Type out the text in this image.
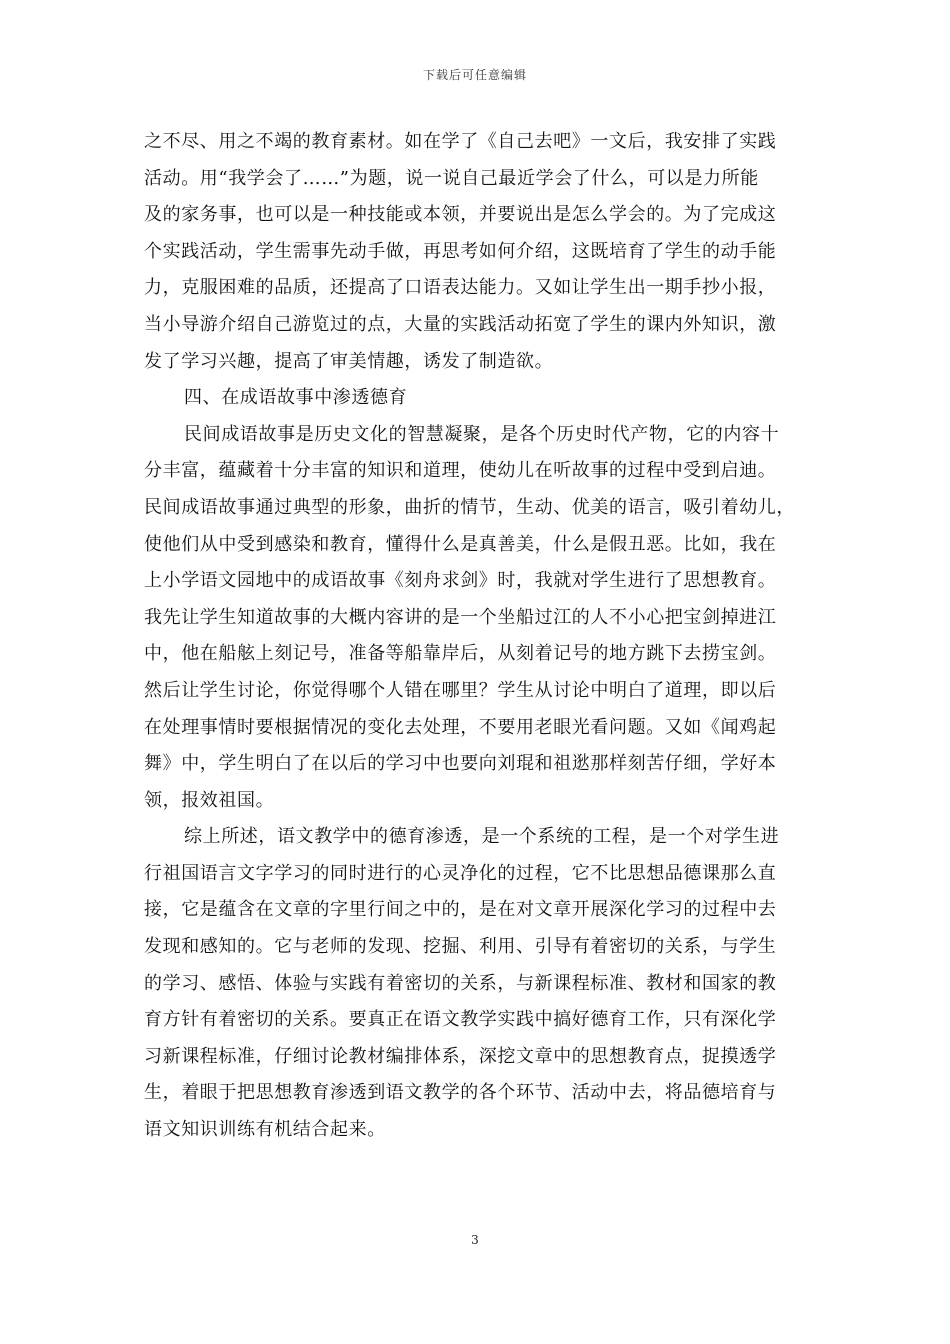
下载后可任意编辑
之不尽、用之不竭的教育素材。如在学了《自己去吧》一文后，我安排了实践
活动。用“我学会了……”为题，说一说自己最近学会了什么，可以是力所能
及的家务事，也可以是一种技能或本领，并要说出是怎么学会的。为了完成这
个实践活动，学生需事先动手做，再思考如何介绍，这既培育了学生的动手能
力，克服困难的品质，还提高了口语表达能力。又如让学生出一期手抄小报，
当小导游介绍自己游览过的点，大量的实践活动拓宽了学生的课内外知识，激
发了学习兴趣，提高了审美情趣，诱发了制造欲。
四、在成语故事中渗透德育
民间成语故事是历史文化的智慧凝聚，是各个历史时代产物，它的内容十
分丰富，蕴藏着十分丰富的知识和道理，使幼儿在听故事的过程中受到启迪。
民间成语故事通过典型的形象，曲折的情节，生动、优美的语言，吸引着幼儿，
使他们从中受到感染和教育，懂得什么是真善美，什么是假丑恶。比如，我在
上小学语文园地中的成语故事《刻舟求剑》时，我就对学生进行了思想教育。
我先让学生知道故事的大概内容讲的是一个坐船过江的人不小心把宝剑掉进江
中，他在船舷上刻记号，准备等船靠岸后，从刻着记号的地方跳下去捞宝剑。
然后让学生讨论，你觉得哪个人错在哪里？学生从讨论中明白了道理，即以后
在处理事情时要根据情况的变化去处理，不要用老眼光看问题。又如《闻鸡起
舞》中，学生明白了在以后的学习中也要向刘琨和祖逖那样刻苦仔细，学好本
领，报效祖国。
综上所述，语文教学中的德育渗透，是一个系统的工程，是一个对学生进
行祖国语言文字学习的同时进行的心灵净化的过程，它不比思想品德课那么直
接，它是蕴含在文章的字里行间之中的，是在对文章开展深化学习的过程中去
发现和感知的。它与老师的发现、挖掘、利用、引导有着密切的关系，与学生
的学习、感悟、体验与实践有着密切的关系，与新课程标准、教材和国家的教
育方针有着密切的关系。要真正在语文教学实践中搞好德育工作，只有深化学
习新课程标准，仔细讨论教材编排体系，深挖文章中的思想教育点，捉摸透学
生，着眼于把思想教育渗透到语文教学的各个环节、活动中去，将品德培育与
语文知识训练有机结合起来。
3
